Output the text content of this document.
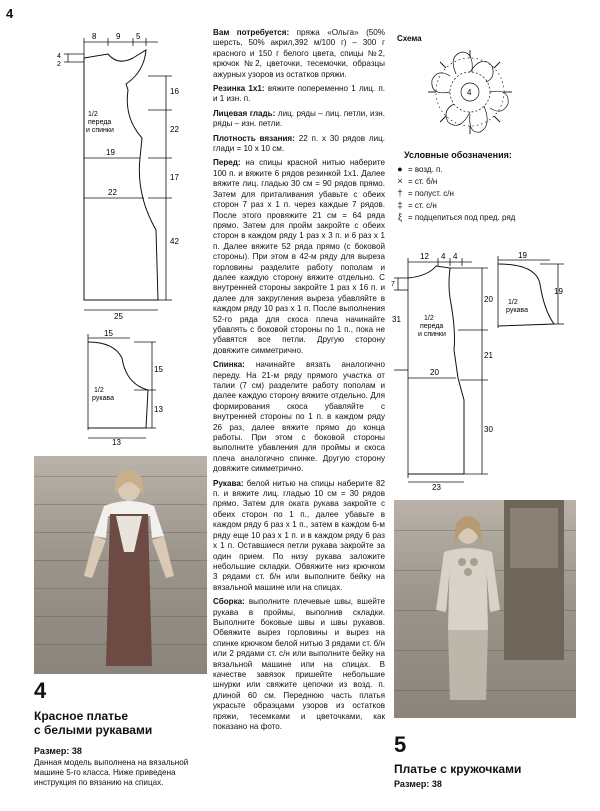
4
8 9 5
4
2
16
22
17
42
19
22
25
1/2
переда
и спинки
15
15
13
13
1/2
рукава
4
Красное платье
с белыми рукавами
Размер: 38
Данная модель выполнена на вязальной машине 5-го класса. Ниже приведена инструкция по вязанию на спицах.

Вам потребуется: пряжа «Ольга» (50% шерсть, 50% акрил,392 м/100 г) – 300 г красного и 150 г белого цвета, спицы №2, крючок №2, цветочки, тесемочки, образцы ажурных узоров из остатков пряжи.

Резинка 1х1: вяжите попеременно 1 лиц. п. и 1 изн. п.

Лицевая гладь: лиц. ряды – лиц. петли, изн. ряды – изн. петли.

Плотность вязания: 22 п. х 30 рядов лиц. глади = 10 х 10 см.

Перед: на спицы красной нитью наберите 100 п. и вяжите 6 рядов резинкой 1х1. Далее вяжите лиц. гладью 30 см = 90 рядов прямо. Затем для приталивания убавьте с обеих сторон 7 раз х 1 п. через каждые 7 рядов. После этого провяжите 21 см = 64 ряда прямо. Затем для пройм закройте с обеих сторон в каждом ряду 1 раз х 3 п. и 6 раз х 1 п. Далее вяжите 52 ряда прямо (с боковой стороны). При этом в 42-м ряду для выреза горловины разделите работу пополам и далее каждую сторону вяжите отдельно. С внутренней стороны закройте 1 раз х 16 п. и далее для закругления выреза убавляйте в каждом ряду 10 раз х 1 п. После выполнения 52-го ряда для скоса плеча начинайте убавлять с боковой стороны по 1 п., пока не убавятся все петли. Другую сторону довяжите симметрично.

Спинка: начинайте вязать аналогично переду. На 21-м ряду прямого участка от талии (7 см) разделите работу пополам и далее каждую сторону вяжите отдельно. Для формирования скоса убавляйте с внутренней стороны по 1 п. в каждом ряду 26 раз, далее вяжите прямо до конца работы. При этом с боковой стороны выполните убавления для проймы и скоса плеча аналогично спинке. Другую сторону довяжите симметрично.

Рукава: белой нитью на спицы наберите 82 п. и вяжите лиц. гладью 10 см = 30 рядов прямо. Затем для оката рукава закройте с обеих сторон по 1 п., далее убавьте в каждом ряду 6 раз х 1 п., затем в каждом 6-м ряду еще 10 раз х 1 п. и в каждом ряду 6 раз х 1 п. Оставшиеся петли рукава закройте за один прием. По низу рукава заложите небольшие складки. Обвяжите низ крючком 3 рядами ст. б/н или выполните бейку на вязальной машине или на спицах.

Сборка: выполните плечевые швы, вшейте рукава в проймы, выполнив складки. Выполните боковые швы и швы рукавов. Обвяжите вырез горловины и вырез на спинке крючком белой нитью 3 рядами ст. б/н или 2 рядами ст. с/н или выполните бейку на вязальной машине или на спицах. В качестве завязок пришейте небольшие шнурки или свяжите цепочки из возд. п. длиной 60 см. Переднюю часть платья украсьте образцами узоров из остатков пряжи, тесемками и цветочками, как показано на фото.

Схема
4
Условные обозначения:
● = возд. п.
× = ст. б/н
† = полуст. с/н
‡ = ст. с/н
ξ = подцепиться под пред. ряд
12 4 4
7
31
20
21
30
20
23
1/2
переда
и спинки
19
19
1/2
рукава
5
Платье с кружочками
Размер: 38
